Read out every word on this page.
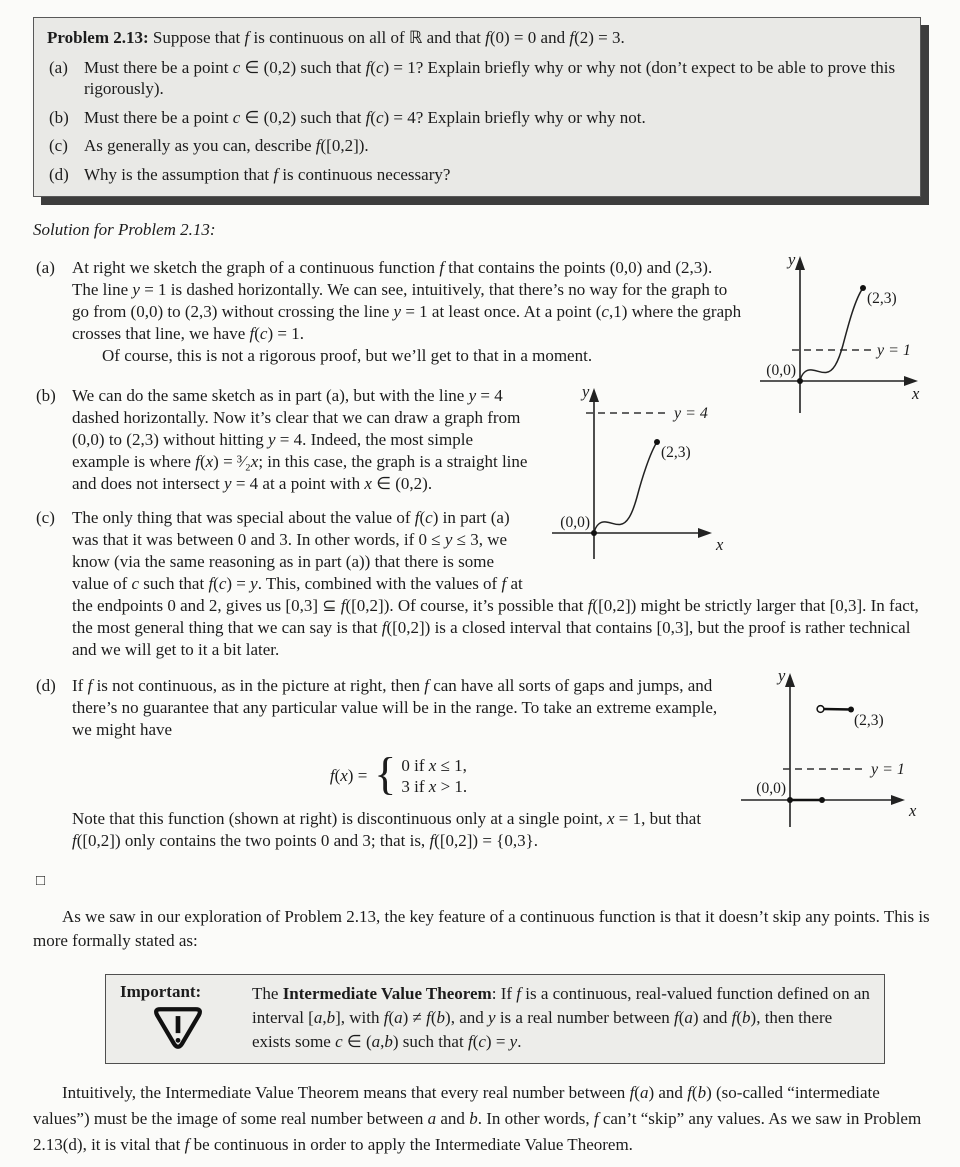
Problem 2.13: Suppose that f is continuous on all of ℝ and that f(0) = 0 and f(2) = 3.
(a) Must there be a point c ∈ (0,2) such that f(c) = 1? Explain briefly why or why not (don’t expect to be able to prove this rigorously).
(b) Must there be a point c ∈ (0,2) such that f(c) = 4? Explain briefly why or why not.
(c) As generally as you can, describe f([0,2]).
(d) Why is the assumption that f is continuous necessary?
Solution for Problem 2.13:
(a)	y
x
(2,3)
y = 1
(0,0)

At right we sketch the graph of a continuous function f that contains the points (0,0) and (2,3). The line y = 1 is dashed horizontally. We can see, intuitively, that there’s no way for the graph to go from (0,0) to (2,3) without crossing the line y = 1 at least once. At a point (c,1) where the graph crosses that line, we have f(c) = 1.

Of course, this is not a rigorous proof, but we’ll get to that in a moment.

(b)	y
x
(2,3)
y = 4
(0,0)

We can do the same sketch as in part (a), but with the line y = 4 dashed horizontally. Now it’s clear that we can draw a graph from (0,0) to (2,3) without hitting y = 4. Indeed, the most simple example is where f(x) = ³⁄₂x; in this case, the graph is a straight line and does not intersect y = 4 at a point with x ∈ (0,2).

(c) The only thing that was special about the value of f(c) in part (a) was that it was between 0 and 3. In other words, if 0 ≤ y ≤ 3, we know (via the same reasoning as in part (a)) that there is some value of c such that f(c) = y. This, combined with the values of f at the endpoints 0 and 2, gives us [0,3] ⊆ f([0,2]). Of course, it’s possible that f([0,2]) might be strictly larger that [0,3]. In fact, the most general thing that we can say is that f([0,2]) is a closed interval that contains [0,3], but the proof is rather technical and we will get to it a bit later.

(d)
y
x
(2,3)
y = 1
(0,0)

If f is not continuous, as in the picture at right, then f can have all sorts of gaps and jumps, and there’s no guarantee that any particular value will be in the range. To take an extreme example, we might have

f(x) = { 0 if x ≤ 1,
3 if x > 1.

Note that this function (shown at right) is discontinuous only at a single point, x = 1, but that f([0,2]) only contains the two points 0 and 3; that is, f([0,2]) = {0,3}.

□

As we saw in our exploration of Problem 2.13, the key feature of a continuous function is that it doesn’t skip any points. This is more formally stated as:

Important:	The Intermediate Value Theorem: If f is a continuous, real-valued function defined on an interval [a,b], with f(a) ≠ f(b), and y is a real number between f(a) and f(b), then there exists some c ∈ (a,b) such that f(c) = y.

Intuitively, the Intermediate Value Theorem means that every real number between f(a) and f(b) (so-called “intermediate values”) must be the image of some real number between a and b. In other words, f can’t “skip” any values. As we saw in Problem 2.13(d), it is vital that f be continuous in order to apply the Intermediate Value Theorem.
